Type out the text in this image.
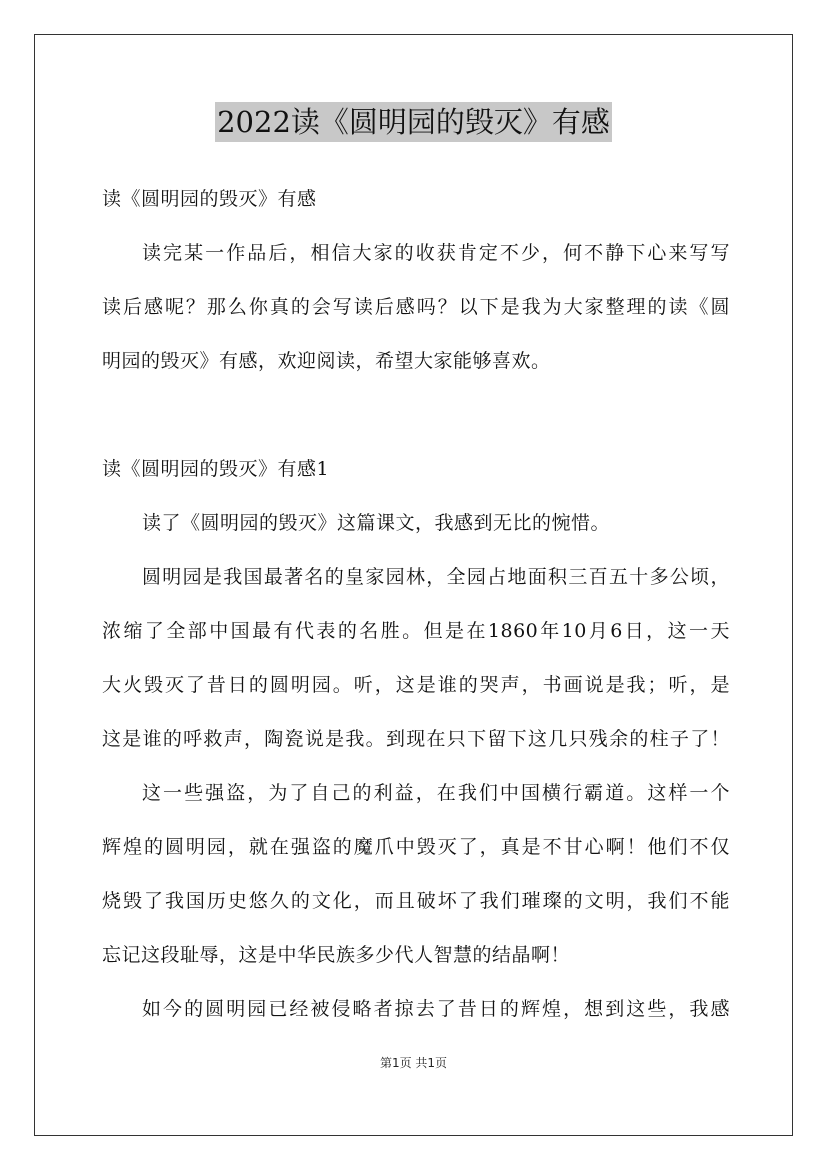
2022读《圆明园的毁灭》有感
读《圆明园的毁灭》有感
读完某一作品后，相信大家的收获肯定不少，何不静下心来写写
读后感呢？那么你真的会写读后感吗？以下是我为大家整理的读《圆
明园的毁灭》有感，欢迎阅读，希望大家能够喜欢。
读《圆明园的毁灭》有感1
读了《圆明园的毁灭》这篇课文，我感到无比的惋惜。
圆明园是我国最著名的皇家园林，全园占地面积三百五十多公顷，
浓缩了全部中国最有代表的名胜。但是在1860年10月6日，这一天
大火毁灭了昔日的圆明园。听，这是谁的哭声，书画说是我；听，是
这是谁的呼救声，陶瓷说是我。到现在只下留下这几只残余的柱子了！
这一些强盗，为了自己的利益，在我们中国横行霸道。这样一个
辉煌的圆明园，就在强盗的魔爪中毁灭了，真是不甘心啊！他们不仅
烧毁了我国历史悠久的文化，而且破坏了我们璀璨的文明，我们不能
忘记这段耻辱，这是中华民族多少代人智慧的结晶啊！
如今的圆明园已经被侵略者掠去了昔日的辉煌，想到这些，我感
第1页 共1页
